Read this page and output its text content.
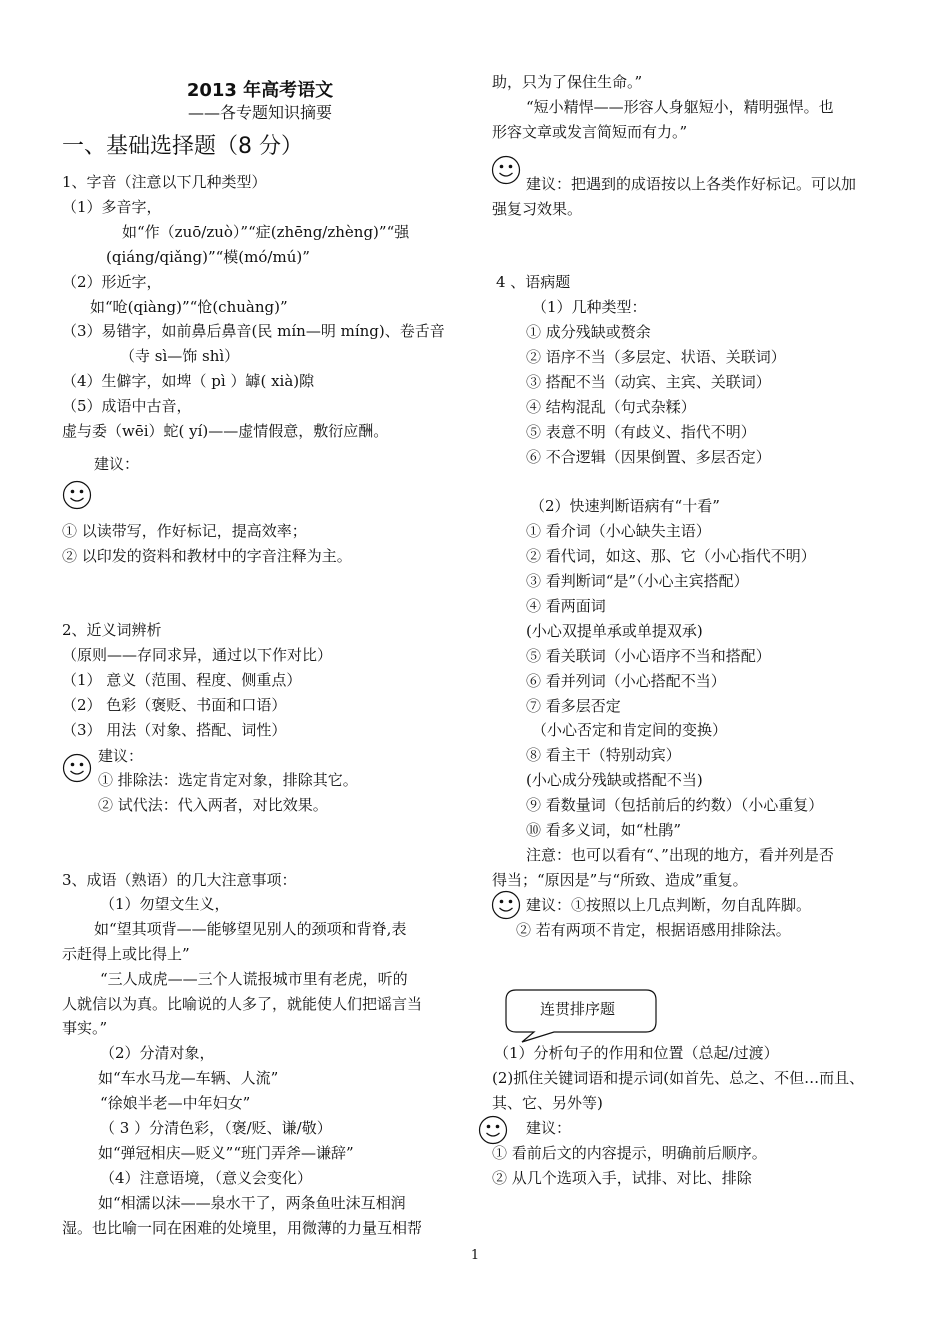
2013 年高考语文
——各专题知识摘要
一、基础选择题（8 分）
1、字音（注意以下几种类型）
（1）多音字，
如“作（zuō/zuò）”“症(zhēng/zhèng)”“强
(qiáng/qiǎng)”“模(mó/mú)”
（2）形近字，
如“呛(qiàng)”“怆(chuàng)”
（3）易错字，如前鼻后鼻音(民 mín—明 míng)、卷舌音
（寺 sì—饰 shì）
（4）生僻字，如埤（ pì ）罅( xià)隙
（5）成语中古音，
虚与委（wēi）蛇( yí)——虚情假意，敷衍应酬。
建议：
① 以读带写，作好标记，提高效率；
② 以印发的资料和教材中的字音注释为主。
2、近义词辨析
（原则——存同求异，通过以下作对比）
（1） 意义（范围、程度、侧重点）
（2） 色彩（褒贬、书面和口语）
（3） 用法（对象、搭配、词性）
建议：
① 排除法：选定肯定对象，排除其它。
② 试代法：代入两者，对比效果。
3、成语（熟语）的几大注意事项：
（1）勿望文生义，
如“望其项背——能够望见别人的颈项和背脊,表
示赶得上或比得上”
“三人成虎——三个人谎报城市里有老虎，听的
人就信以为真。比喻说的人多了，就能使人们把谣言当
事实。”
（2）分清对象，
如“车水马龙—车辆、人流”
“徐娘半老—中年妇女”
（ 3 ）分清色彩，（褒/贬、谦/敬）
如“弹冠相庆—贬义”“班门弄斧—谦辞”
（4）注意语境，（意义会变化）
如“相濡以沫——泉水干了，两条鱼吐沫互相润
湿。也比喻一同在困难的处境里，用微薄的力量互相帮
助，只为了保住生命。”
“短小精悍——形容人身躯短小，精明强悍。也
形容文章或发言简短而有力。”
建议：把遇到的成语按以上各类作好标记。可以加
强复习效果。
4 、语病题
（1）几种类型：
① 成分残缺或赘余
② 语序不当（多层定、状语、关联词）
③ 搭配不当（动宾、主宾、关联词）
④ 结构混乱（句式杂糅）
⑤ 表意不明（有歧义、指代不明）
⑥ 不合逻辑（因果倒置、多层否定）
（2）快速判断语病有“十看”
① 看介词（小心缺失主语）
② 看代词，如这、那、它（小心指代不明）
③ 看判断词“是”（小心主宾搭配）
④ 看两面词
(小心双提单承或单提双承)
⑤ 看关联词（小心语序不当和搭配）
⑥ 看并列词（小心搭配不当）
⑦ 看多层否定
（小心否定和肯定间的变换）
⑧ 看主干（特别动宾）
(小心成分残缺或搭配不当)
⑨ 看数量词（包括前后的约数）（小心重复）
⑩ 看多义词，如“杜鹃”
注意：也可以看有“、”出现的地方，看并列是否
得当；“原因是”与“所致、造成”重复。
建议：①按照以上几点判断，勿自乱阵脚。
② 若有两项不肯定，根据语感用排除法。
（1）分析句子的作用和位置（总起/过渡）
(2)抓住关键词语和提示词(如首先、总之、不但…而且、
其、它、另外等)
建议：
① 看前后文的内容提示，明确前后顺序。
② 从几个选项入手，试排、对比、排除
连贯排序题
1
